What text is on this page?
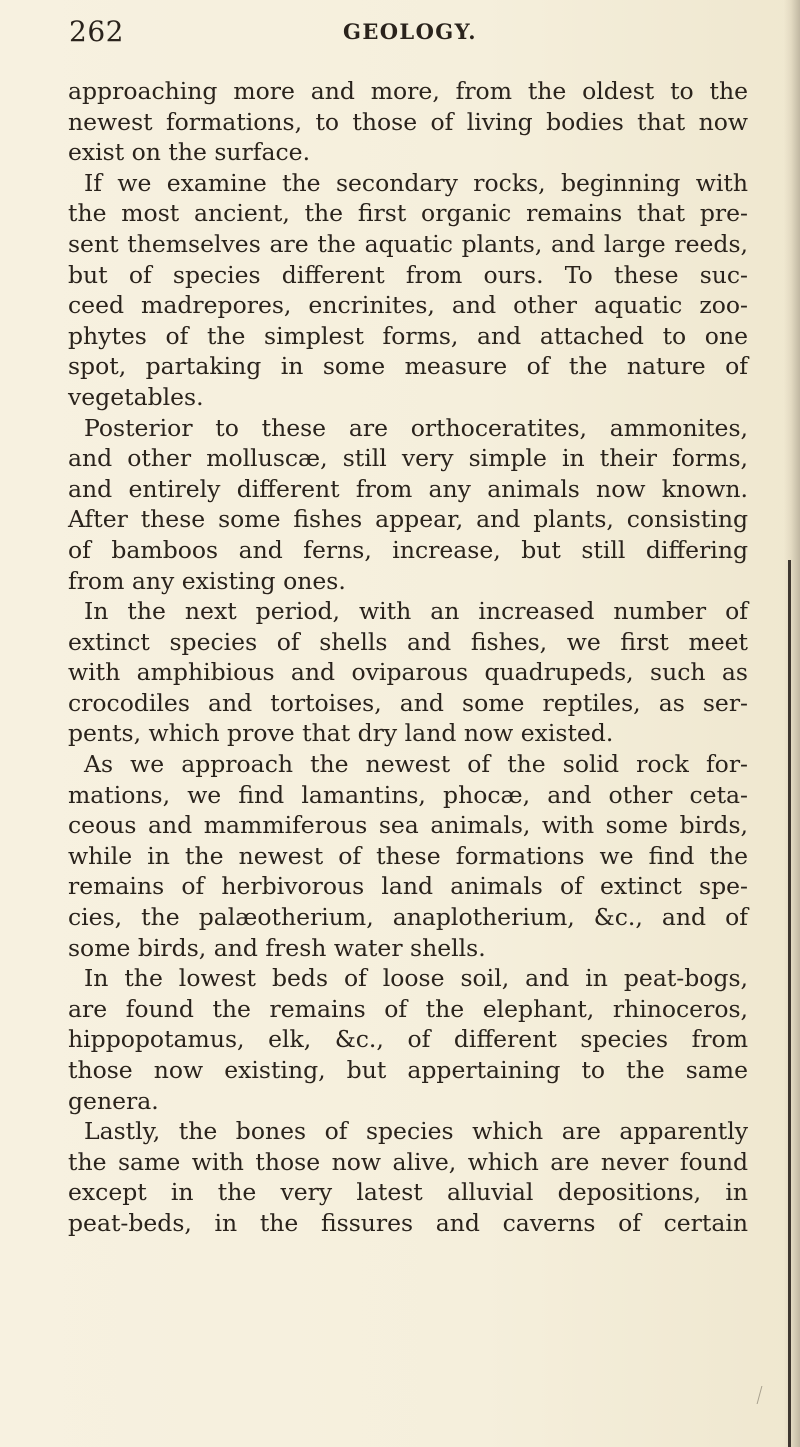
262	GEOLOGY.
approaching more and more, from the oldest to the
newest formations, to those of living bodies that now
exist on the surface.
If we examine the secondary rocks, beginning with
the most ancient, the first organic remains that pre-
sent themselves are the aquatic plants, and large reeds,
but of species different from ours. To these suc-
ceed madrepores, encrinites, and other aquatic zoo-
phytes of the simplest forms, and attached to one
spot, partaking in some measure of the nature of
vegetables.
Posterior to these are orthoceratites, ammonites,
and other molluscæ, still very simple in their forms,
and entirely different from any animals now known.
After these some fishes appear, and plants, consisting
of bamboos and ferns, increase, but still differing
from any existing ones.
In the next period, with an increased number of
extinct species of shells and fishes, we first meet
with amphibious and oviparous quadrupeds, such as
crocodiles and tortoises, and some reptiles, as ser-
pents, which prove that dry land now existed.
As we approach the newest of the solid rock for-
mations, we find lamantins, phocæ, and other ceta-
ceous and mammiferous sea animals, with some birds,
while in the newest of these formations we find the
remains of herbivorous land animals of extinct spe-
cies, the palæotherium, anaplotherium, &c., and of
some birds, and fresh water shells.
In the lowest beds of loose soil, and in peat-bogs,
are found the remains of the elephant, rhinoceros,
hippopotamus, elk, &c., of different species from
those now existing, but appertaining to the same
genera.
Lastly, the bones of species which are apparently
the same with those now alive, which are never found
except in the very latest alluvial depositions, in
peat-beds, in the fissures and caverns of certain
